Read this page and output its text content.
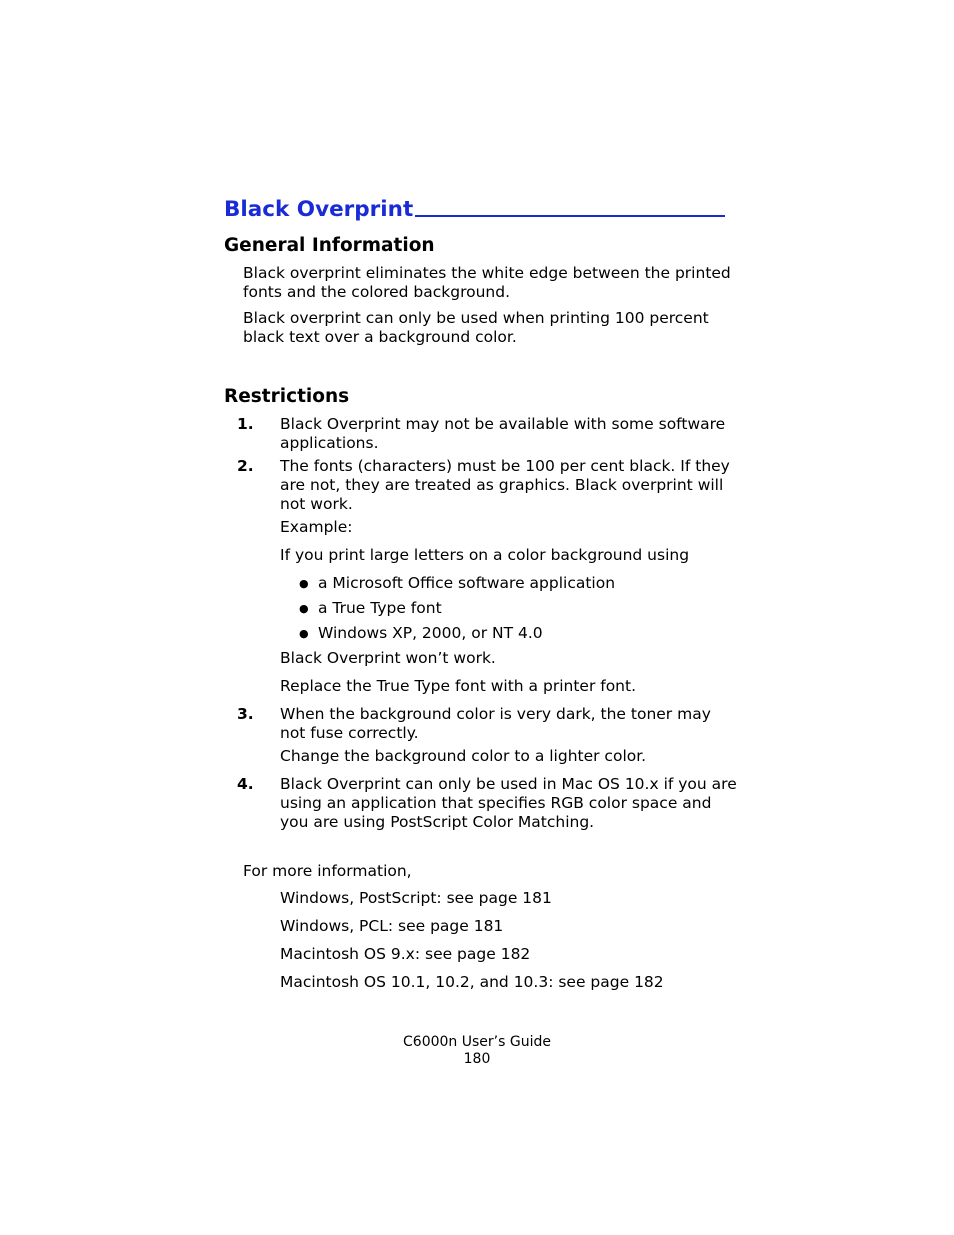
Black Overprint
General Information

Black overprint eliminates the white edge between the printed fonts and the colored background.

Black overprint can only be used when printing 100 percent black text over a background color.

Restrictions
1.	Black Overprint may not be available with some software applications.

2.	The fonts (characters) must be 100 per cent black. If they are not, they are treated as graphics. Black overprint will not work.

Example:

If you print large letters on a color background using

● a Microsoft Office software application
● a True Type font
● Windows XP, 2000, or NT 4.0

Black Overprint won’t work.

Replace the True Type font with a printer font.

3.	When the background color is very dark, the toner may not fuse correctly.

Change the background color to a lighter color.

4.	Black Overprint can only be used in Mac OS 10.x if you are using an application that specifies RGB color space and you are using PostScript Color Matching.

For more information,

Windows, PostScript: see page 181

Windows, PCL: see page 181

Macintosh OS 9.x: see page 182

Macintosh OS 10.1, 10.2, and 10.3: see page 182

C6000n User’s Guide

180
